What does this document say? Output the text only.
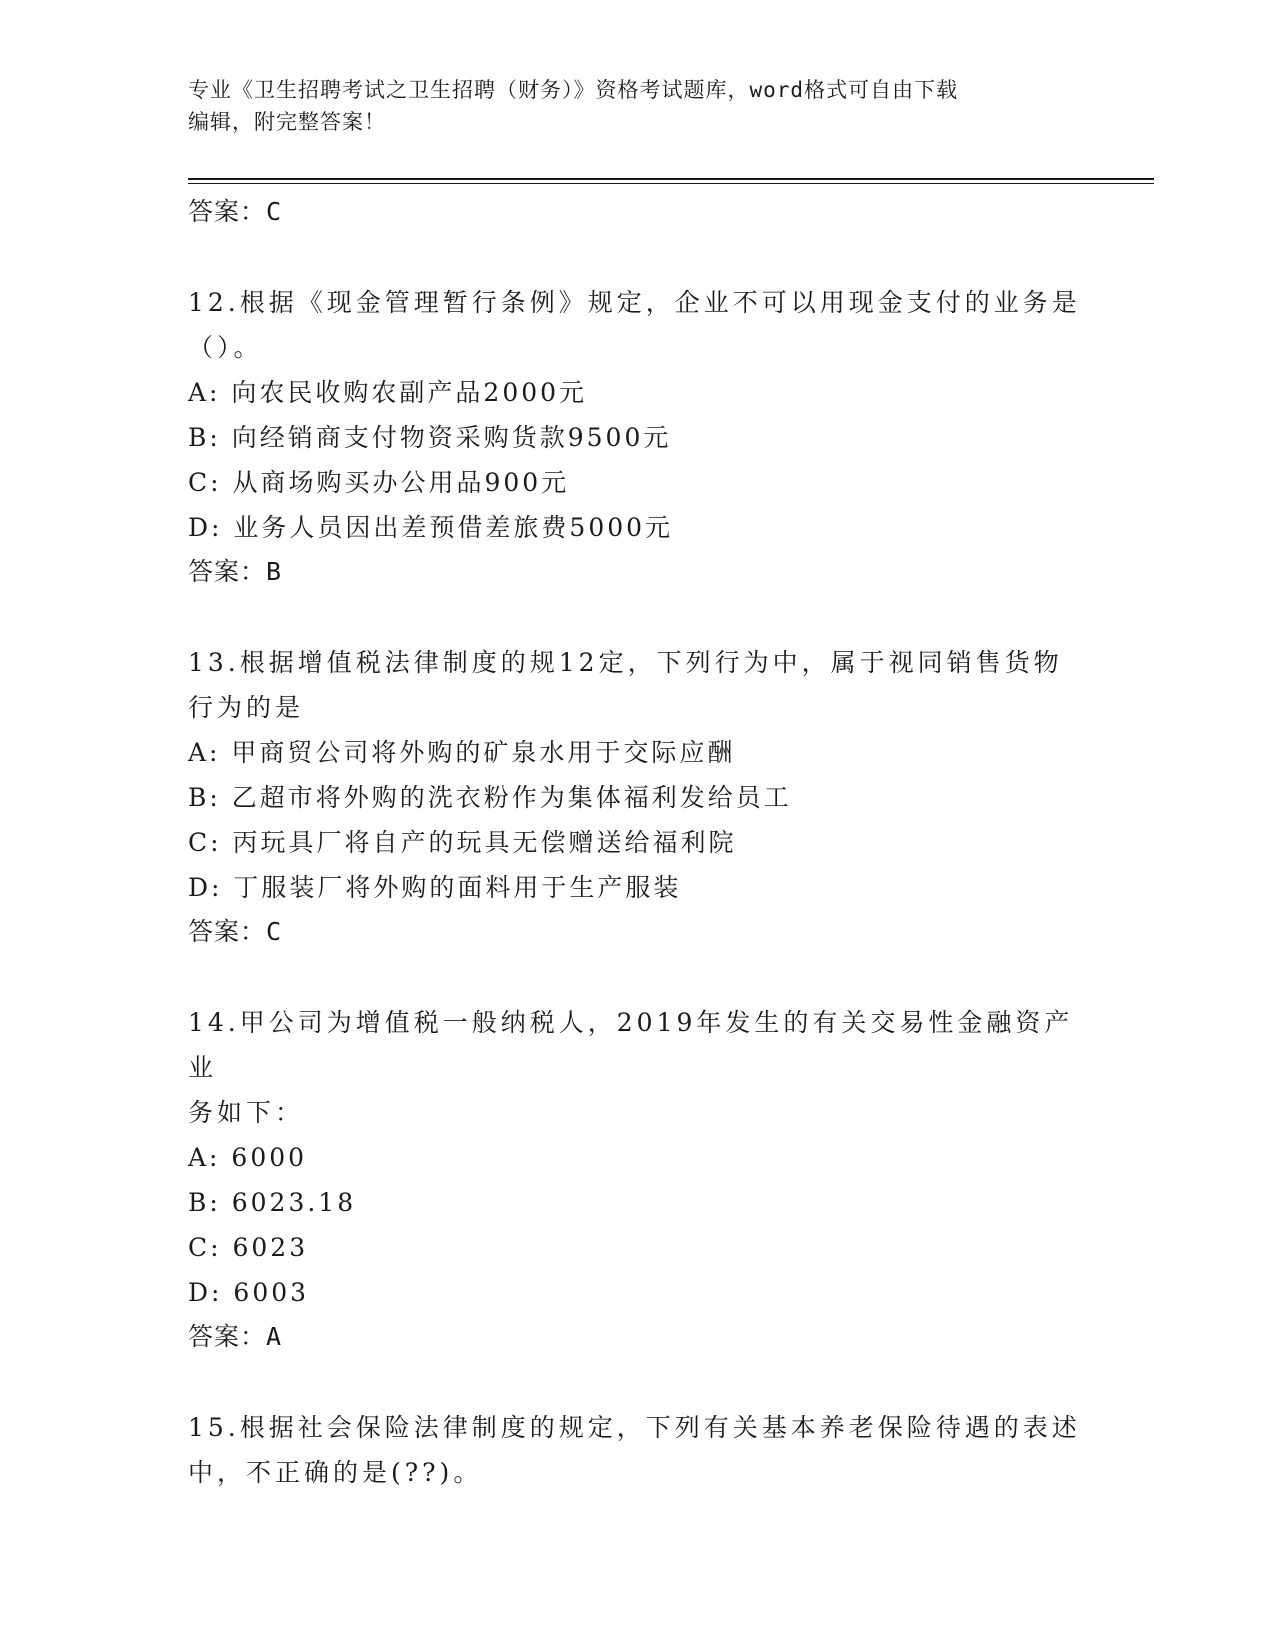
专业《卫生招聘考试之卫生招聘（财务）》资格考试题库，word格式可自由下载
编辑，附完整答案！
答案：C
12.根据《现金管理暂行条例》规定，企业不可以用现金支付的业务是
（）。
A: 向农民收购农副产品2000元
B: 向经销商支付物资采购货款9500元
C: 从商场购买办公用品900元
D: 业务人员因出差预借差旅费5000元
答案：B
13.根据增值税法律制度的规12定，下列行为中，属于视同销售货物
行为的是
A: 甲商贸公司将外购的矿泉水用于交际应酬
B: 乙超市将外购的洗衣粉作为集体福利发给员工
C: 丙玩具厂将自产的玩具无偿赠送给福利院
D: 丁服装厂将外购的面料用于生产服装
答案：C
14.甲公司为增值税一般纳税人，2019年发生的有关交易性金融资产业
务如下：
A: 6000
B: 6023.18
C: 6023
D: 6003
答案：A
15.根据社会保险法律制度的规定，下列有关基本养老保险待遇的表述
中，不正确的是(??)。
